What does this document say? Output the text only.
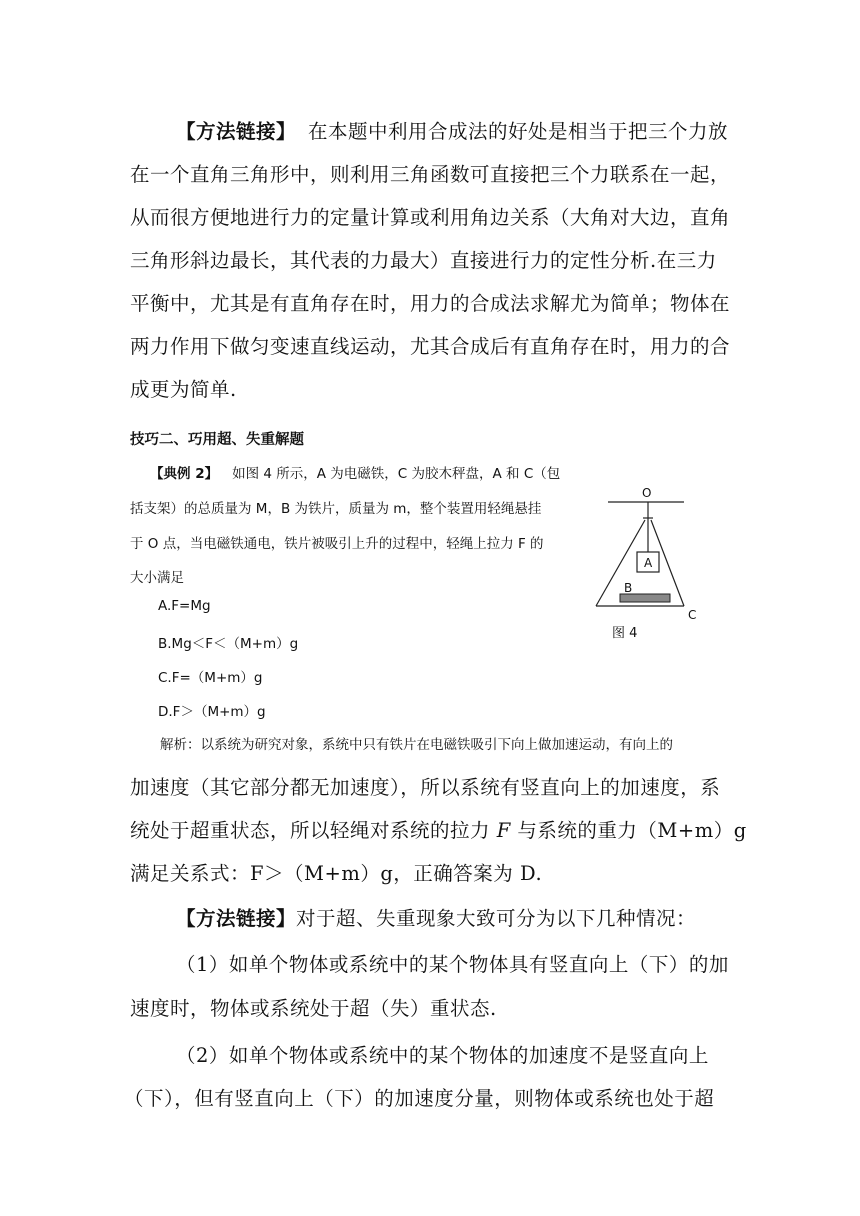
【方法链接】 在本题中利用合成法的好处是相当于把三个力放
在一个直角三角形中，则利用三角函数可直接把三个力联系在一起，
从而很方便地进行力的定量计算或利用角边关系（大角对大边，直角
三角形斜边最长，其代表的力最大）直接进行力的定性分析.在三力
平衡中，尤其是有直角存在时，用力的合成法求解尤为简单；物体在
两力作用下做匀变速直线运动，尤其合成后有直角存在时，用力的合
成更为简单.
技巧二、巧用超、失重解题
【典例 2】 如图 4 所示，A 为电磁铁，C 为胶木秤盘，A 和 C（包
括支架）的总质量为 M，B 为铁片，质量为 m，整个装置用轻绳悬挂
于 O 点，当电磁铁通电，铁片被吸引上升的过程中，轻绳上拉力 F 的
大小满足
A.F=Mg
B.Mg＜F＜（M+m）g
C.F=（M+m）g
D.F＞（M+m）g
解析：以系统为研究对象，系统中只有铁片在电磁铁吸引下向上做加速运动，有向上的
O
A
B
C
图 4
加速度（其它部分都无加速度），所以系统有竖直向上的加速度，系
统处于超重状态，所以轻绳对系统的拉力 F 与系统的重力（M+m）g
满足关系式：F＞（M+m）g，正确答案为 D.
【方法链接】对于超、失重现象大致可分为以下几种情况：
（1）如单个物体或系统中的某个物体具有竖直向上（下）的加
速度时，物体或系统处于超（失）重状态.
（2）如单个物体或系统中的某个物体的加速度不是竖直向上
（下），但有竖直向上（下）的加速度分量，则物体或系统也处于超
